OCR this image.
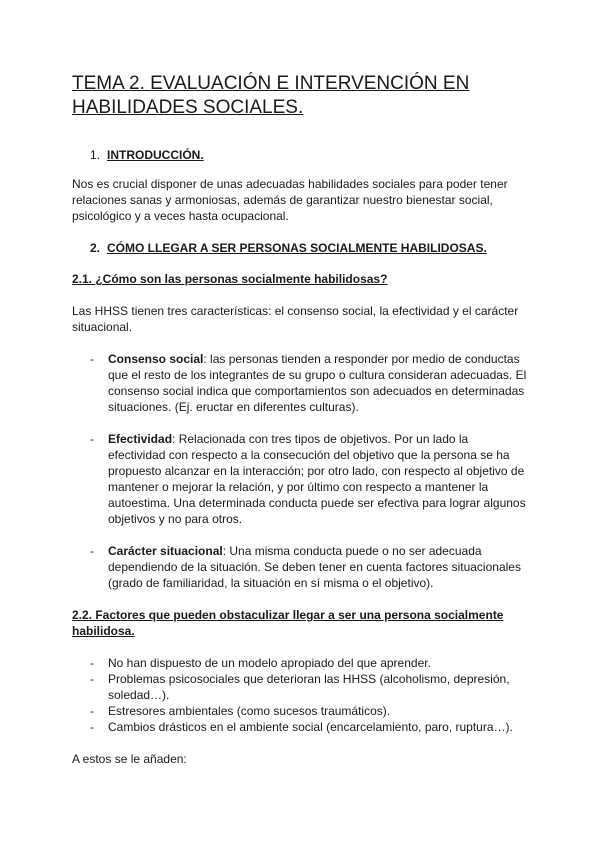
TEMA 2. EVALUACIÓN E INTERVENCIÓN EN HABILIDADES SOCIALES.
1. INTRODUCCIÓN.

Nos es crucial disponer de unas adecuadas habilidades sociales para poder tener relaciones sanas y armoniosas, además de garantizar nuestro bienestar social, psicológico y a veces hasta ocupacional.

2. CÓMO LLEGAR A SER PERSONAS SOCIALMENTE HABILIDOSAS.
2.1. ¿Cómo son las personas socialmente habilidosas?

Las HHSS tienen tres características: el consenso social, la efectividad y el carácter situacional.

- Consenso social: las personas tienden a responder por medio de conductas que el resto de los integrantes de su grupo o cultura consideran adecuadas. El consenso social indica que comportamientos son adecuados en determinadas situaciones. (Ej. eructar en diferentes culturas).
- Efectividad: Relacionada con tres tipos de objetivos. Por un lado la efectividad con respecto a la consecución del objetivo que la persona se ha propuesto alcanzar en la interacción; por otro lado, con respecto al objetivo de mantener o mejorar la relación, y por último con respecto a mantener la autoestima. Una determinada conducta puede ser efectiva para lograr algunos objetivos y no para otros.
- Carácter situacional: Una misma conducta puede o no ser adecuada dependiendo de la situación. Se deben tener en cuenta factores situacionales (grado de familiaridad, la situación en sí misma o el objetivo).
2.2. Factores que pueden obstaculizar llegar a ser una persona socialmente habilidosa.
- No han dispuesto de un modelo apropiado del que aprender.
- Problemas psicosociales que deterioran las HHSS (alcoholismo, depresión, soledad…).
- Estresores ambientales (como sucesos traumáticos).
- Cambios drásticos en el ambiente social (encarcelamiento, paro, ruptura…).

A estos se le añaden:
